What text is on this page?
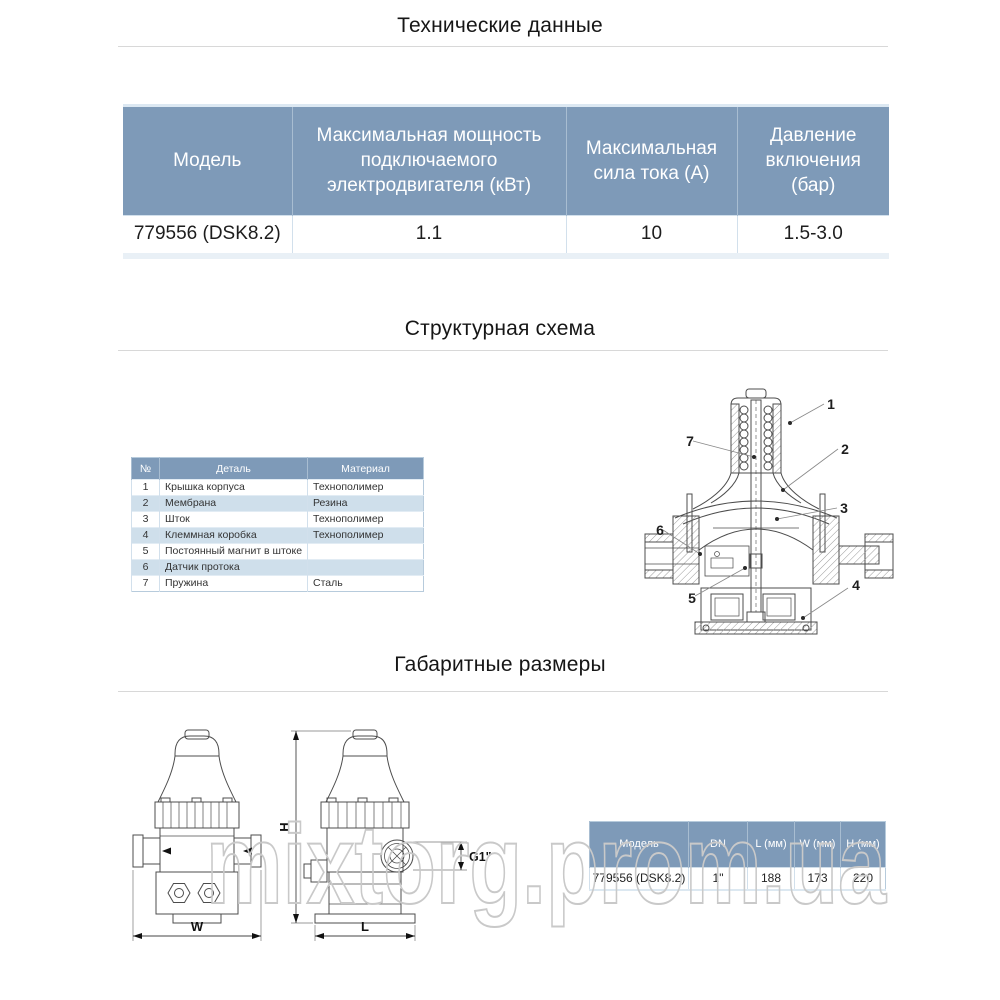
Технические данные
Модель	Максимальная мощность подключаемого электродвигателя (кВт)	Максимальная сила тока (А)	Давление включения (бар)
779556 (DSK8.2)	1.1	10	1.5-3.0
Структурная схема
№	Деталь	Материал
1	Крышка корпуса	Технополимер
2	Мембрана	Резина
3	Шток	Технополимер
4	Клеммная коробка	Технополимер
5	Постоянный магнит в штоке	
6	Датчик протока	
7	Пружина	Сталь
1
2
3
4
5
6
7
Габаритные размеры
W	L
H
G1"
Модель	DN	L (мм)	W (мм)	H (мм)
779556 (DSK8.2)	1"	188	173	220
mixtorg.prom.ua
